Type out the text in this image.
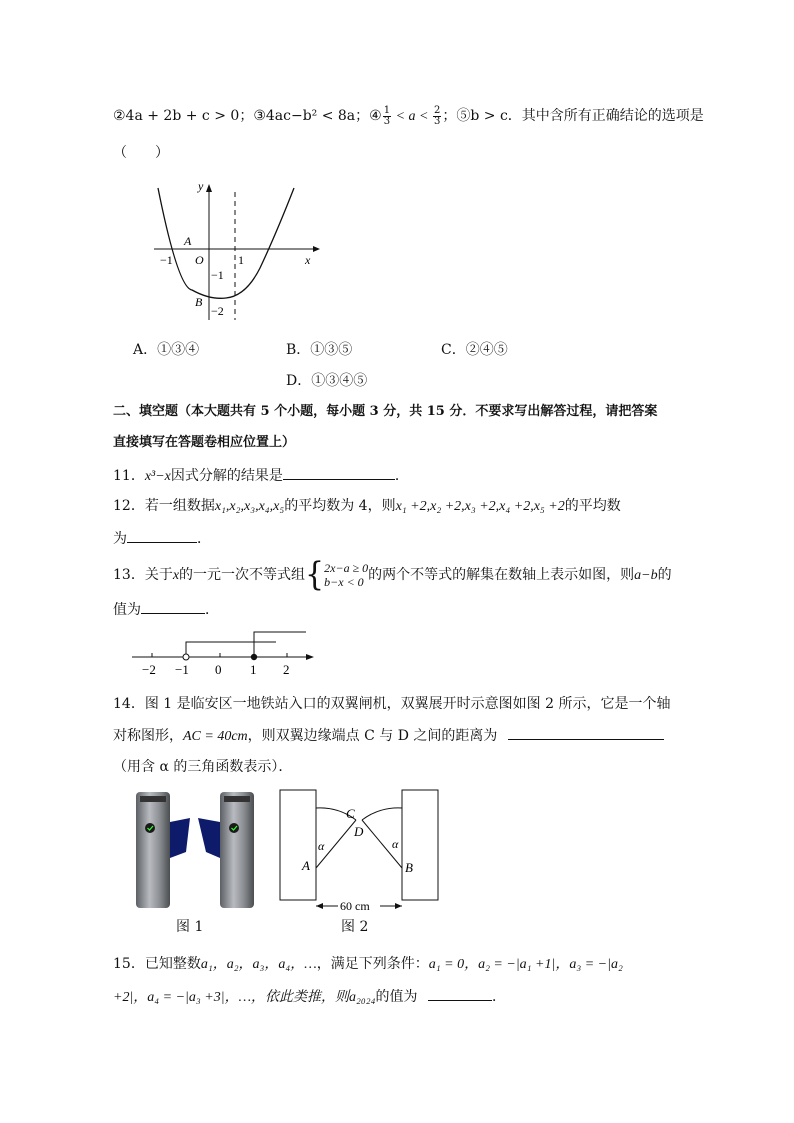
②4a + 2b + c > 0；③4ac−b² < 8a；④ $\frac{1}{3} < a < \frac{2}{3}$ ；⑤b > c．其中含所有正确结论的选项是
（　　）
y
x
O
A
B
−1	1
−1
−2
A．①③④	B．①③⑤	C．②④⑤
D．①③④⑤
二、填空题（本大题共有 5 个小题，每小题 3 分，共 15 分．不要求写出解答过程，请把答案
直接填写在答题卷相应位置上）
11．x³−x因式分解的结果是	．
12．若一组数据x₁,x₂,x₃,x₄,x₅的平均数为 4，则x₁ +2,x₂ +2,x₃ +2,x₄ +2,x₅ +2的平均数
为	．
13．关于x的一元一次不等式组{ 2x−a ≥ 0
b−x < 0 的两个不等式的解集在数轴上表示如图，则a−b的
值为	．
−2 −1 0 1 2
14．图 1 是临安区一地铁站入口的双翼闸机，双翼展开时示意图如图 2 所示，它是一个轴
对称图形，AC = 40cm，则双翼边缘端点 C 与 D 之间的距离为
（用含 α 的三角函数表示）．
图 1
C
D
A	B
α	α
60 cm
图 2
15．已知整数a₁，a₂，a₃，a₄，…，满足下列条件：a₁ = 0，a₂ = −|a₁ +1|，a₃ = −|a₂
+2|，a₄ = −|a₃ +3|，…，依此类推，则a₂₀₂₄的值为	．
